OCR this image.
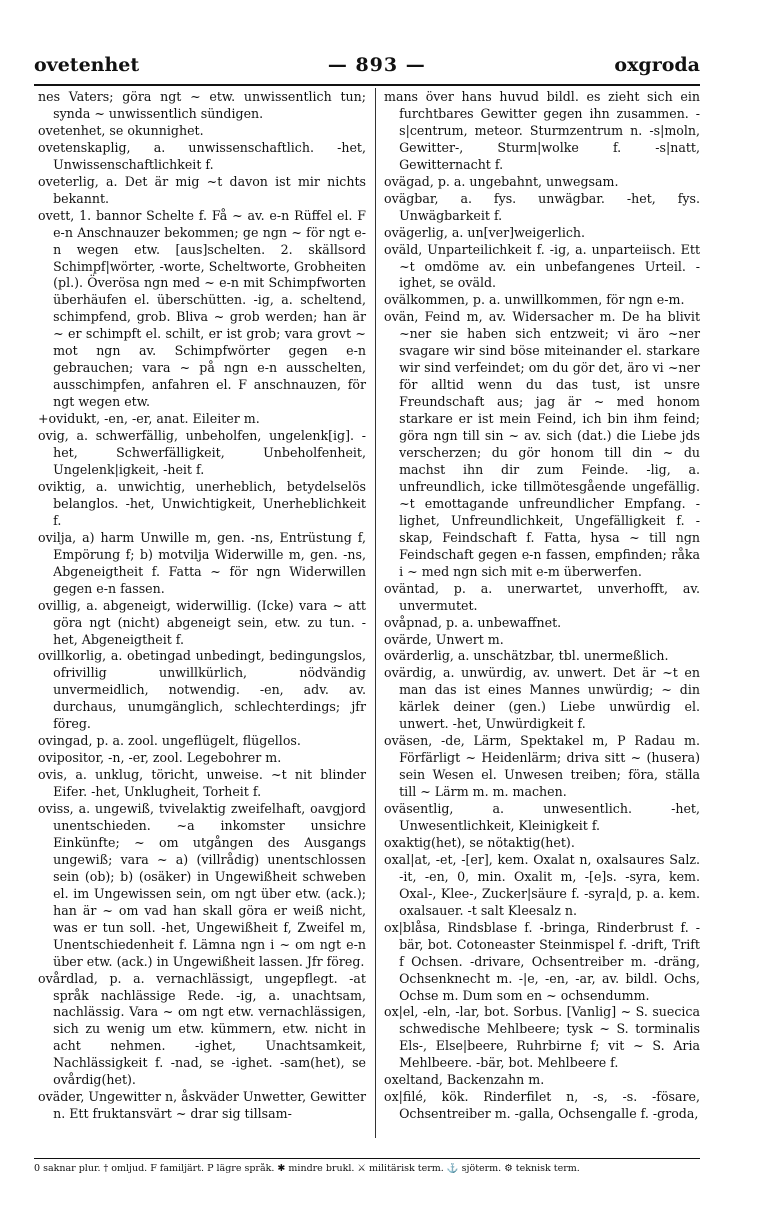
ovetenhet	— 893 —	oxgroda

nes Vaters; göra ngt ~ etw. unwissentlich tun; synda ~ unwissentlich sündigen.

ovetenhet, se okunnighet.

ovetenskaplig, a. unwissenschaftlich. -het, Unwissenschaftlichkeit f.

oveterlig, a. Det är mig ~t davon ist mir nichts bekannt.

ovett, 1. bannor Schelte f. Få ~ av. e-n Rüffel el. F e-n Anschnauzer bekommen; ge ngn ~ för ngt e-n wegen etw. [aus]schelten. 2. skällsord Schimpf|wörter, -worte, Scheltworte, Grobheiten (pl.). Överösa ngn med ~ e-n mit Schimpfworten überhäufen el. überschütten. -ig, a. scheltend, schimpfend, grob. Bliva ~ grob werden; han är ~ er schimpft el. schilt, er ist grob; vara grovt ~ mot ngn av. Schimpfwörter gegen e-n gebrauchen; vara ~ på ngn e-n ausschelten, ausschimpfen, anfahren el. F anschnauzen, för ngt wegen etw.

+ovidukt, -en, -er, anat. Eileiter m.

ovig, a. schwerfällig, unbeholfen, ungelenk[ig]. -het, Schwerfälligkeit, Unbeholfenheit, Ungelenk|igkeit, -heit f.

oviktig, a. unwichtig, unerheblich, betydelselös belanglos. -het, Unwichtigkeit, Unerheblichkeit f.

ovilja, a) harm Unwille m, gen. -ns, Entrüstung f, Empörung f; b) motvilja Widerwille m, gen. -ns, Abgeneigtheit f. Fatta ~ för ngn Widerwillen gegen e-n fassen.

ovillig, a. abgeneigt, widerwillig. (Icke) vara ~ att göra ngt (nicht) abgeneigt sein, etw. zu tun. -het, Abgeneigtheit f.

ovillkorlig, a. obetingad unbedingt, bedingungslos, ofrivillig unwillkürlich, nödvändig unvermeidlich, notwendig. -en, adv. av. durchaus, unumgänglich, schlechterdings; jfr föreg.

ovingad, p. a. zool. ungeflügelt, flügellos.

ovipositor, -n, -er, zool. Legebohrer m.

ovis, a. unklug, töricht, unweise. ~t nit blinder Eifer. -het, Unklugheit, Torheit f.

oviss, a. ungewiß, tvivelaktig zweifelhaft, oavgjord unentschieden. ~a inkomster unsichre Einkünfte; ~ om utgången des Ausgangs ungewiß; vara ~ a) (villrådig) unentschlossen sein (ob); b) (osäker) in Ungewißheit schweben el. im Ungewissen sein, om ngt über etw. (ack.); han är ~ om vad han skall göra er weiß nicht, was er tun soll. -het, Ungewißheit f, Zweifel m, Unentschiedenheit f. Lämna ngn i ~ om ngt e-n über etw. (ack.) in Ungewißheit lassen. Jfr föreg.

ovårdlad, p. a. vernachlässigt, ungepflegt. -at språk nachlässige Rede. -ig, a. unachtsam, nachlässig. Vara ~ om ngt etw. vernachlässigen, sich zu wenig um etw. kümmern, etw. nicht in acht nehmen. -ighet, Unachtsamkeit, Nachlässigkeit f. -nad, se -ighet. -sam(het), se ovårdig(het).

oväder, Ungewitter n, åskväder Unwetter, Gewitter n. Ett fruktansvärt ~ drar sig tillsam-

mans över hans huvud bildl. es zieht sich ein furchtbares Gewitter gegen ihn zusammen. -s|centrum, meteor. Sturmzentrum n. -s|moln, Gewitter-, Sturm|wolke f. -s|natt, Gewitternacht f.

ovägad, p. a. ungebahnt, unwegsam.

ovägbar, a. fys. unwägbar. -het, fys. Unwägbarkeit f.

ovägerlig, a. un[ver]weigerlich.

oväld, Unparteilichkeit f. -ig, a. unparteiisch. Ett ~t omdöme av. ein unbefangenes Urteil. -ighet, se oväld.

ovälkommen, p. a. unwillkommen, för ngn e-m.

ovän, Feind m, av. Widersacher m. De ha blivit ~ner sie haben sich entzweit; vi äro ~ner svagare wir sind böse miteinander el. starkare wir sind verfeindet; om du gör det, äro vi ~ner för alltid wenn du das tust, ist unsre Freundschaft aus; jag är ~ med honom starkare er ist mein Feind, ich bin ihm feind; göra ngn till sin ~ av. sich (dat.) die Liebe jds verscherzen; du gör honom till din ~ du machst ihn dir zum Feinde. -lig, a. unfreundlich, icke tillmötesgående ungefällig. ~t emottagande unfreundlicher Empfang. -lighet, Unfreundlichkeit, Ungefälligkeit f. -skap, Feindschaft f. Fatta, hysa ~ till ngn Feindschaft gegen e-n fassen, empfinden; råka i ~ med ngn sich mit e-m überwerfen.

oväntad, p. a. unerwartet, unverhofft, av. unvermutet.

ovåpnad, p. a. unbewaffnet.

ovärde, Unwert m.

ovärderlig, a. unschätzbar, tbl. unermeßlich.

ovärdig, a. unwürdig, av. unwert. Det är ~t en man das ist eines Mannes unwürdig; ~ din kärlek deiner (gen.) Liebe unwürdig el. unwert. -het, Unwürdigkeit f.

oväsen, -de, Lärm, Spektakel m, P Radau m. Förfärligt ~ Heidenlärm; driva sitt ~ (husera) sein Wesen el. Unwesen treiben; föra, ställa till ~ Lärm m. m. machen.

oväsentlig, a. unwesentlich. -het, Unwesentlichkeit, Kleinigkeit f.

oxaktig(het), se nötaktig(het).

oxal|at, -et, -[er], kem. Oxalat n, oxalsaures Salz. -it, -en, 0, min. Oxalit m, -[e]s. -syra, kem. Oxal-, Klee-, Zucker|säure f. -syra|d, p. a. kem. oxalsauer. -t salt Kleesalz n.

ox|blåsa, Rindsblase f. -bringa, Rinderbrust f. -bär, bot. Cotoneaster Steinmispel f. -drift, Trift f Ochsen. -drivare, Ochsentreiber m. -dräng, Ochsenknecht m. -|e, -en, -ar, av. bildl. Ochs, Ochse m. Dum som en ~ ochsendumm.

ox|el, -eln, -lar, bot. Sorbus. [Vanlig] ~ S. suecica schwedische Mehlbeere; tysk ~ S. torminalis Els-, Else|beere, Ruhrbirne f; vit ~ S. Aria Mehlbeere. -bär, bot. Mehlbeere f.

oxeltand, Backenzahn m.

ox|filé, kök. Rinderfilet n, -s, -s. -fösare, Ochsentreiber m. -galla, Ochsengalle f. -groda,

0 saknar plur. † omljud. F familjärt. P lägre språk. ✱ mindre brukl. ⚔ militärisk term. ⚓ sjöterm. ⚙ teknisk term.
